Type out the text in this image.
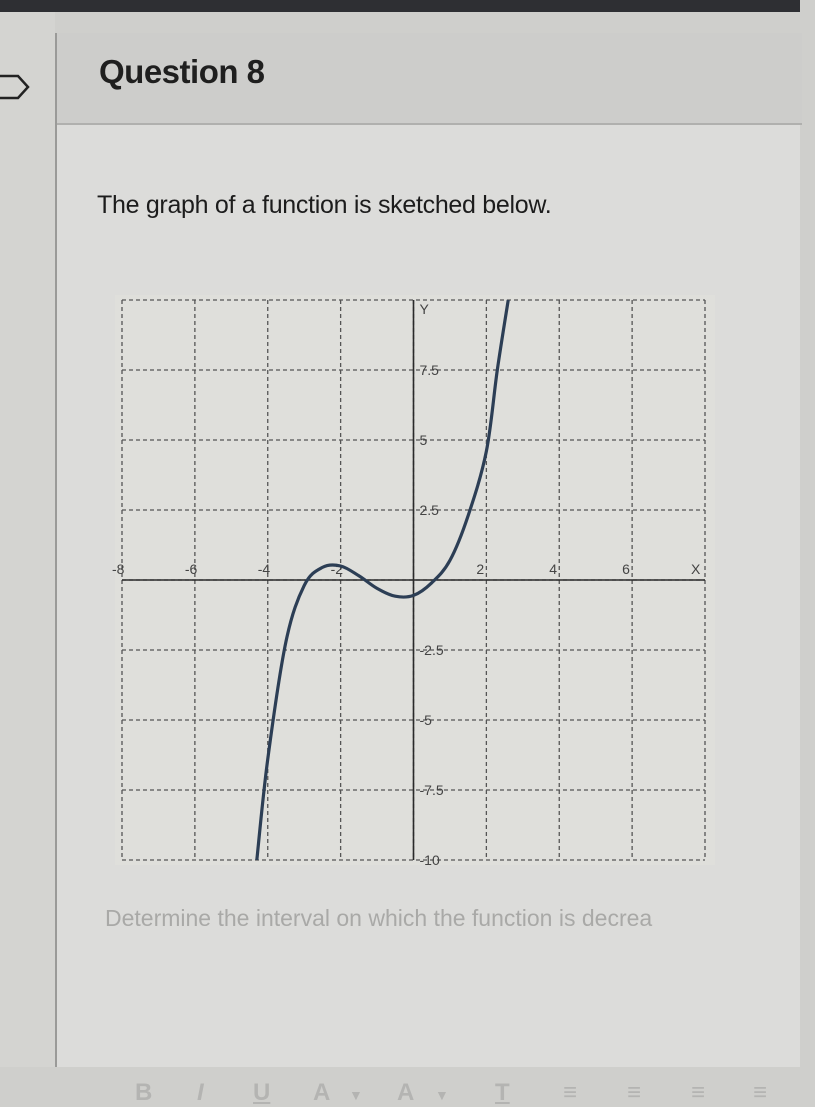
Question 8
The graph of a function is sketched below.
-8	-6	-4	-2	2	4	6
7.5
5
2.5
-2.5
-5
-7.5
-10
X
Y
Determine the interval on which the function is decrea
B I U A ▼ A ▼ T ≡ ≡ ≡ ≡
